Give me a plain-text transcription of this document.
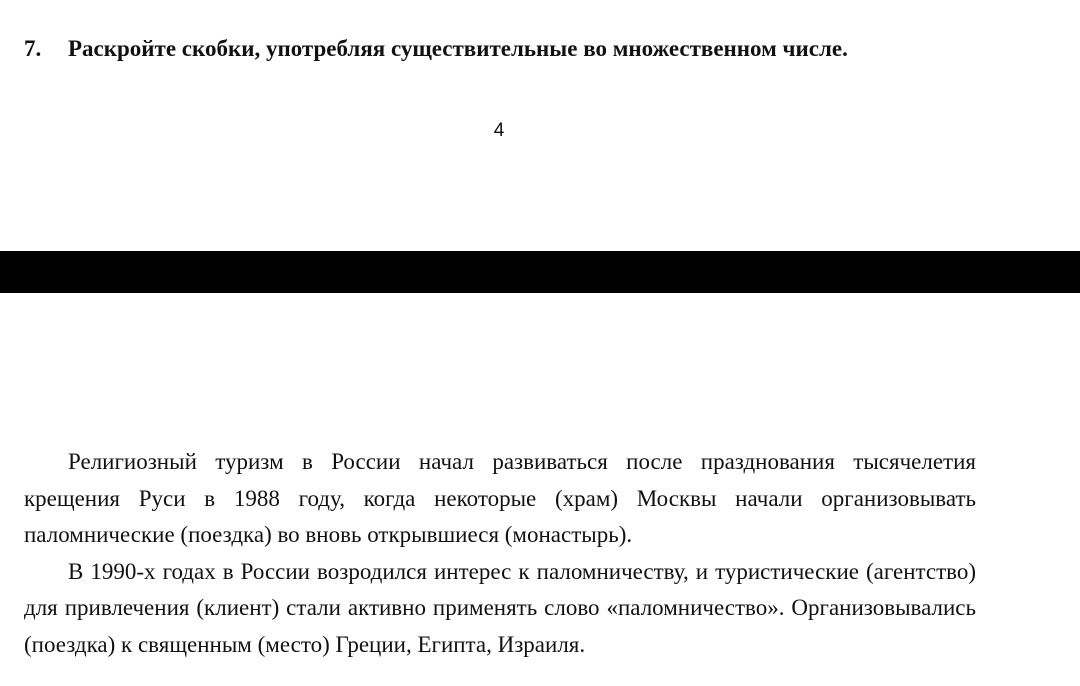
7. Раскройте скобки, употребляя существительные во множественном числе.
4

Религиозный туризм в России начал развиваться после празднования тысячелетия крещения Руси в 1988 году, когда некоторые (храм) Москвы начали организовывать паломнические (поездка) во вновь открывшиеся (монастырь).

В 1990-х годах в России возродился интерес к паломничеству, и туристические (агентство) для привлечения (клиент) стали активно применять слово «паломничество». Организовывались (поездка) к священным (место) Греции, Египта, Израиля.
